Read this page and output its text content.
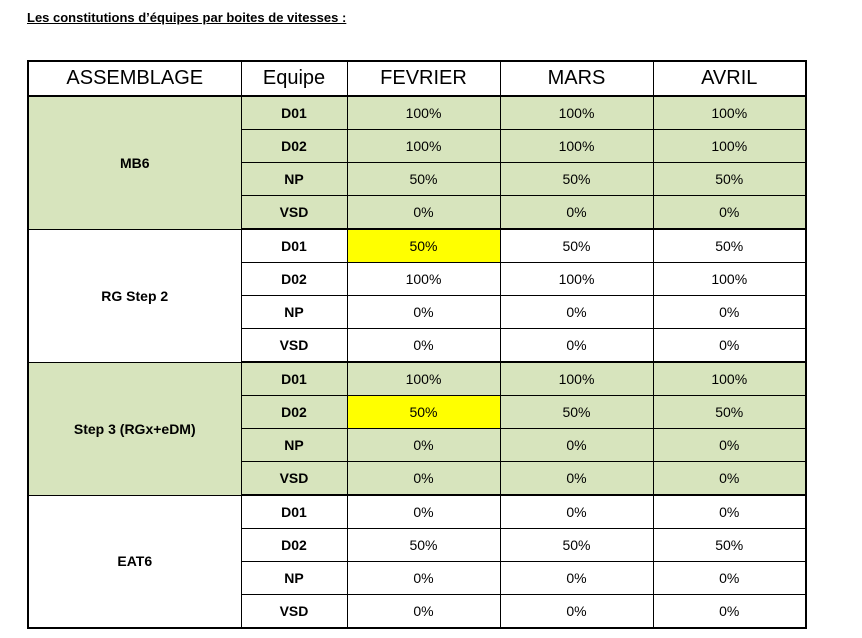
Les constitutions d’équipes par boites de vitesses :
ASSEMBLAGE	Equipe	FEVRIER	MARS	AVRIL
MB6	D01	100%	100%	100%
	D02	100%	100%	100%
	NP	50%	50%	50%
	VSD	0%	0%	0%
RG Step 2	D01	50%	50%	50%
	D02	100%	100%	100%
	NP	0%	0%	0%
	VSD	0%	0%	0%
Step 3 (RGx+eDM)	D01	100%	100%	100%
	D02	50%	50%	50%
	NP	0%	0%	0%
	VSD	0%	0%	0%
EAT6	D01	0%	0%	0%
	D02	50%	50%	50%
	NP	0%	0%	0%
	VSD	0%	0%	0%
